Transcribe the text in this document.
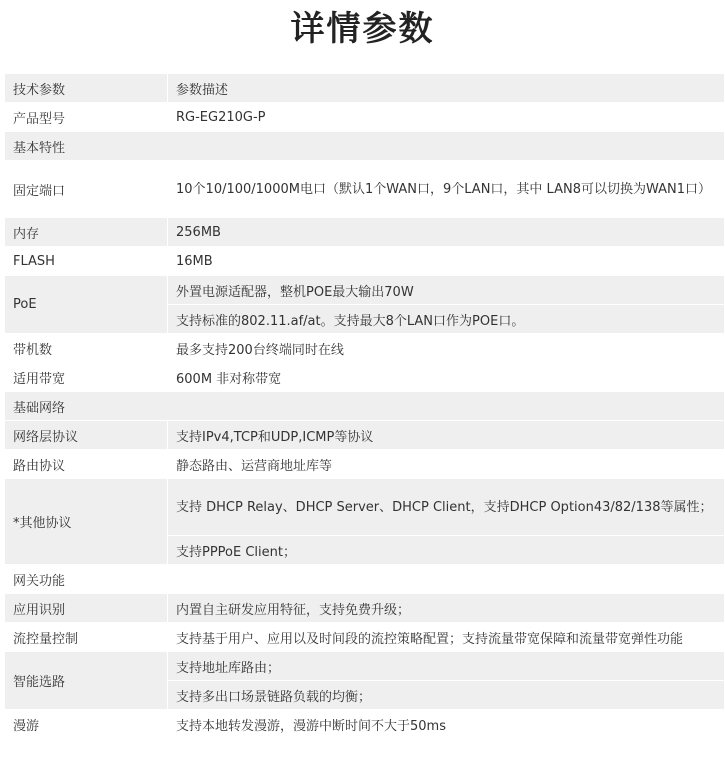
详情参数
技术参数	参数描述
产品型号	RG-EG210G-P
基本特性	
固定端口	10个10/100/1000M电口（默认1个WAN口，9个LAN口，其中 LAN8可以切换为WAN1口）
内存	256MB
FLASH	16MB
PoE	外置电源适配器，整机POE最大输出70W
	支持标准的802.11.af/at。支持最大8个LAN口作为POE口。
带机数	最多支持200台终端同时在线
适用带宽	600M 非对称带宽
基础网络	
网络层协议	支持IPv4,TCP和UDP,ICMP等协议
路由协议	静态路由、运营商地址库等
*其他协议	支持 DHCP Relay、DHCP Server、DHCP Client，支持DHCP Option43/82/138等属性；
	支持PPPoE Client；
网关功能	
应用识别	内置自主研发应用特征，支持免费升级；
流控量控制	支持基于用户、应用以及时间段的流控策略配置；支持流量带宽保障和流量带宽弹性功能
智能选路	支持地址库路由；
	支持多出口场景链路负载的均衡；
漫游	支持本地转发漫游，漫游中断时间不大于50ms
